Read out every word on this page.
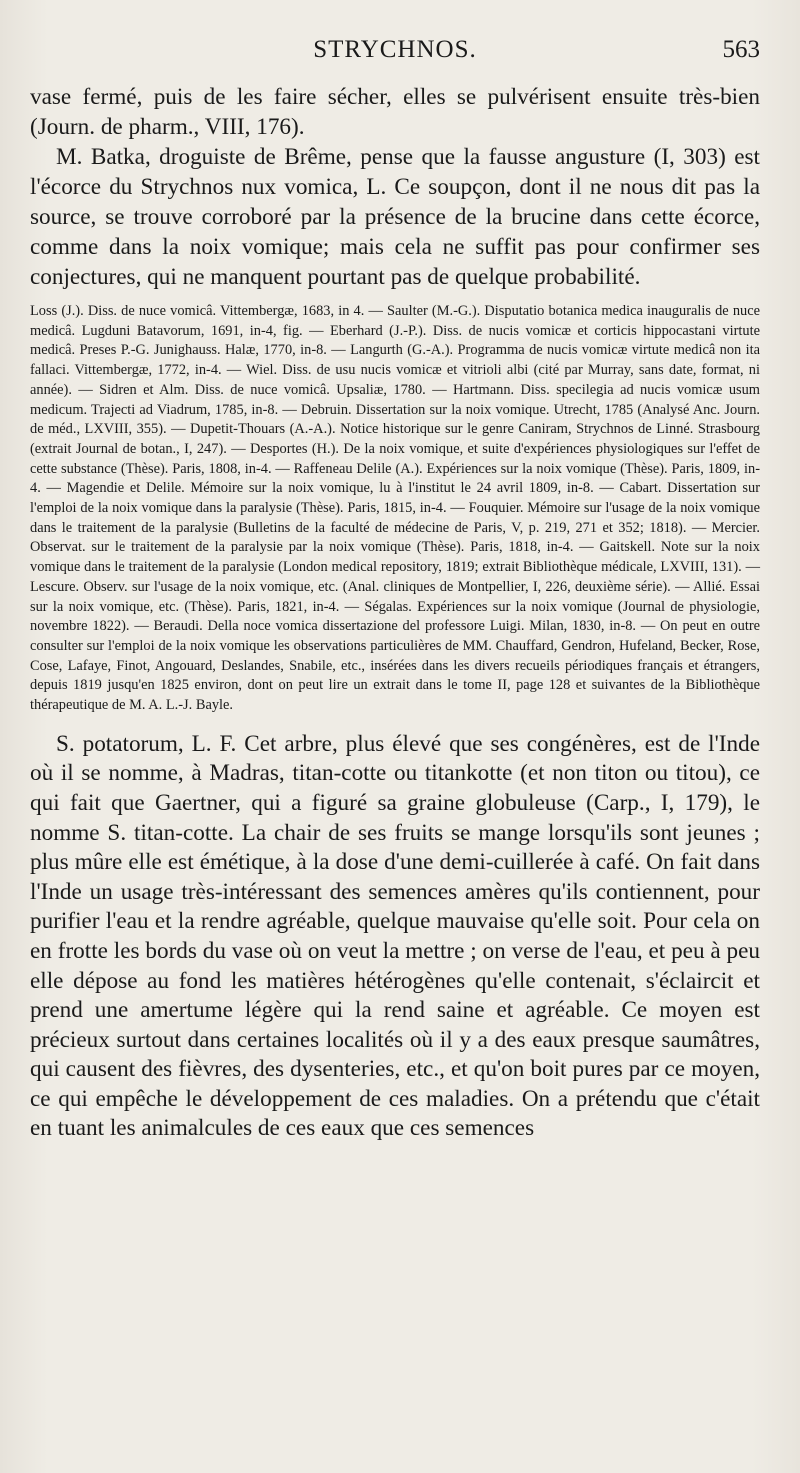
STRYCHNOS.	563

vase fermé, puis de les faire sécher, elles se pulvérisent ensuite très-bien (Journ. de pharm., VIII, 176).

M. Batka, droguiste de Brême, pense que la fausse angusture (I, 303) est l'écorce du Strychnos nux vomica, L. Ce soupçon, dont il ne nous dit pas la source, se trouve corroboré par la présence de la brucine dans cette écorce, comme dans la noix vomique; mais cela ne suffit pas pour confirmer ses conjectures, qui ne manquent pourtant pas de quelque probabilité.

Loss (J.). Diss. de nuce vomicâ. Vittembergæ, 1683, in 4. — Saulter (M.-G.). Disputatio botanica medica inauguralis de nuce medicâ. Lugduni Batavorum, 1691, in-4, fig. — Eberhard (J.-P.). Diss. de nucis vomicæ et corticis hippocastani virtute medicâ. Preses P.-G. Junighauss. Halæ, 1770, in-8. — Langurth (G.-A.). Programma de nucis vomicæ virtute medicâ non ita fallaci. Vittembergæ, 1772, in-4. — Wiel. Diss. de usu nucis vomicæ et vitrioli albi (cité par Murray, sans date, format, ni année). — Sidren et Alm. Diss. de nuce vomicâ. Upsaliæ, 1780. — Hartmann. Diss. specilegia ad nucis vomicæ usum medicum. Trajecti ad Viadrum, 1785, in-8. — Debruin. Dissertation sur la noix vomique. Utrecht, 1785 (Analysé Anc. Journ. de méd., LXVIII, 355). — Dupetit-Thouars (A.-A.). Notice historique sur le genre Caniram, Strychnos de Linné. Strasbourg (extrait Journal de botan., I, 247). — Desportes (H.). De la noix vomique, et suite d'expériences physiologiques sur l'effet de cette substance (Thèse). Paris, 1808, in-4. — Raffeneau Delile (A.). Expériences sur la noix vomique (Thèse). Paris, 1809, in-4. — Magendie et Delile. Mémoire sur la noix vomique, lu à l'institut le 24 avril 1809, in-8. — Cabart. Dissertation sur l'emploi de la noix vomique dans la paralysie (Thèse). Paris, 1815, in-4. — Fouquier. Mémoire sur l'usage de la noix vomique dans le traitement de la paralysie (Bulletins de la faculté de médecine de Paris, V, p. 219, 271 et 352; 1818). — Mercier. Observat. sur le traitement de la paralysie par la noix vomique (Thèse). Paris, 1818, in-4. — Gaitskell. Note sur la noix vomique dans le traitement de la paralysie (London medical repository, 1819; extrait Bibliothèque médicale, LXVIII, 131). — Lescure. Observ. sur l'usage de la noix vomique, etc. (Anal. cliniques de Montpellier, I, 226, deuxième série). — Allié. Essai sur la noix vomique, etc. (Thèse). Paris, 1821, in-4. — Ségalas. Expériences sur la noix vomique (Journal de physiologie, novembre 1822). — Beraudi. Della noce vomica dissertazione del professore Luigi. Milan, 1830, in-8. — On peut en outre consulter sur l'emploi de la noix vomique les observations particulières de MM. Chauffard, Gendron, Hufeland, Becker, Rose, Cose, Lafaye, Finot, Angouard, Deslandes, Snabile, etc., insérées dans les divers recueils périodiques français et étrangers, depuis 1819 jusqu'en 1825 environ, dont on peut lire un extrait dans le tome II, page 128 et suivantes de la Bibliothèque thérapeutique de M. A. L.-J. Bayle.

S. potatorum, L. F. Cet arbre, plus élevé que ses congénères, est de l'Inde où il se nomme, à Madras, titan-cotte ou titankotte (et non titon ou titou), ce qui fait que Gaertner, qui a figuré sa graine globuleuse (Carp., I, 179), le nomme S. titan-cotte. La chair de ses fruits se mange lorsqu'ils sont jeunes ; plus mûre elle est émétique, à la dose d'une demi-cuillerée à café. On fait dans l'Inde un usage très-intéressant des semences amères qu'ils contiennent, pour purifier l'eau et la rendre agréable, quelque mauvaise qu'elle soit. Pour cela on en frotte les bords du vase où on veut la mettre ; on verse de l'eau, et peu à peu elle dépose au fond les matières hétérogènes qu'elle contenait, s'éclaircit et prend une amertume légère qui la rend saine et agréable. Ce moyen est précieux surtout dans certaines localités où il y a des eaux presque saumâtres, qui causent des fièvres, des dysenteries, etc., et qu'on boit pures par ce moyen, ce qui empêche le développement de ces maladies. On a prétendu que c'était en tuant les animalcules de ces eaux que ces semences
